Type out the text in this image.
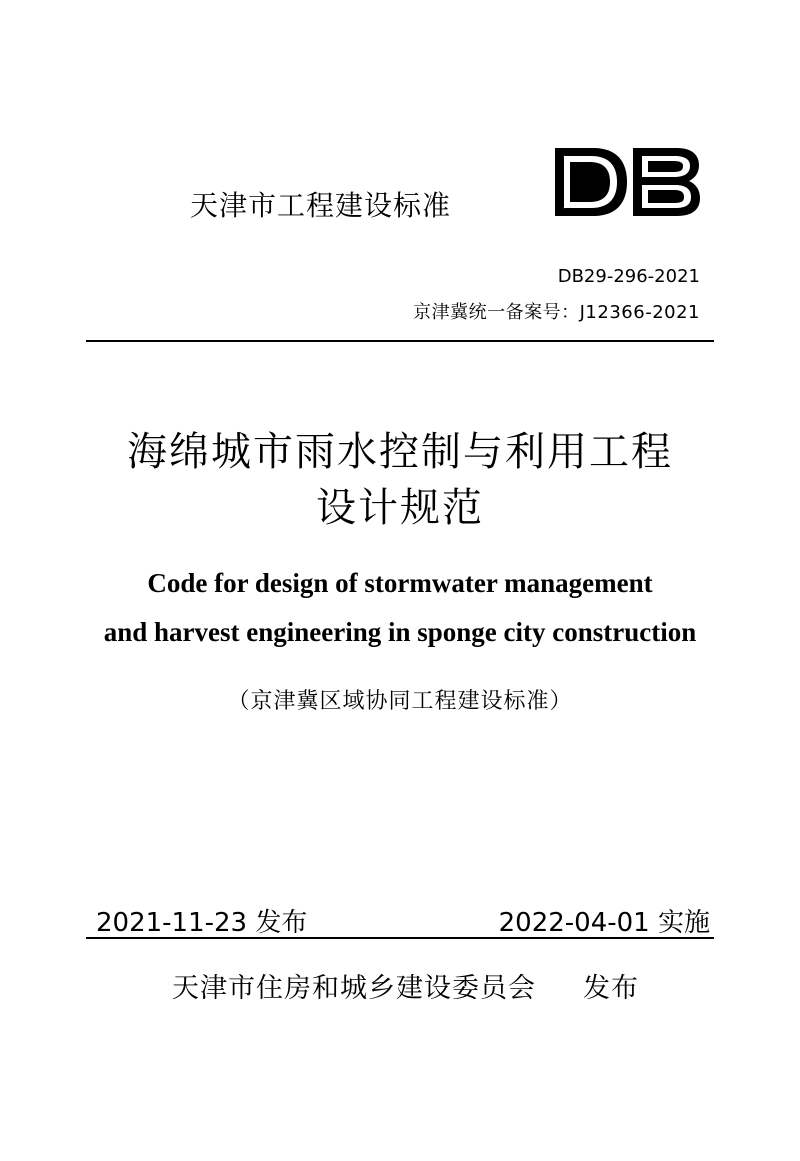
天津市工程建设标准
DB29-296-2021
京津冀统一备案号：J12366-2021
海绵城市雨水控制与利用工程
设计规范
Code for design of stormwater management
and harvest engineering in sponge city construction
（京津冀区域协同工程建设标准）
2021-11-23 发布	2022-04-01 实施
天津市住房和城乡建设委员会 发布
